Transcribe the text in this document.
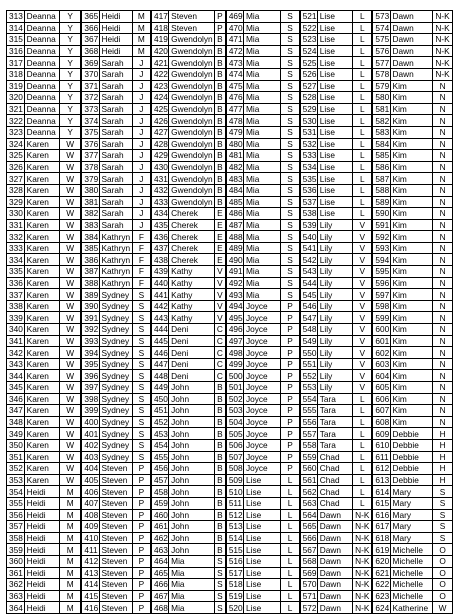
313	Deanna	Y	365	Heidi	M	417	Steven	P	469	Mia	S	521	Lise	L	573	Dawn	N-K
314	Deanna	Y	366	Heidi	M	418	Steven	P	470	Mia	S	522	Lise	L	574	Dawn	N-K
315	Deanna	Y	367	Heidi	M	419	Gwendolyn	B	471	Mia	S	523	Lise	L	575	Dawn	N-K
316	Deanna	Y	368	Heidi	M	420	Gwendolyn	B	472	Mia	S	524	Lise	L	576	Dawn	N-K
317	Deanna	Y	369	Sarah	J	421	Gwendolyn	B	473	Mia	S	525	Lise	L	577	Dawn	N-K
318	Deanna	Y	370	Sarah	J	422	Gwendolyn	B	474	Mia	S	526	Lise	L	578	Dawn	N-K
319	Deanna	Y	371	Sarah	J	423	Gwendolyn	B	475	Mia	S	527	Lise	L	579	Kim	N
320	Deanna	Y	372	Sarah	J	424	Gwendolyn	B	476	Mia	S	528	Lise	L	580	Kim	N
321	Deanna	Y	373	Sarah	J	425	Gwendolyn	B	477	Mia	S	529	Lise	L	581	Kim	N
322	Deanna	Y	374	Sarah	J	426	Gwendolyn	B	478	Mia	S	530	Lise	L	582	Kim	N
323	Deanna	Y	375	Sarah	J	427	Gwendolyn	B	479	Mia	S	531	Lise	L	583	Kim	N
324	Karen	W	376	Sarah	J	428	Gwendolyn	B	480	Mia	S	532	Lise	L	584	Kim	N
325	Karen	W	377	Sarah	J	429	Gwendolyn	B	481	Mia	S	533	Lise	L	585	Kim	N
326	Karen	W	378	Sarah	J	430	Gwendolyn	B	482	Mia	S	534	Lise	L	586	Kim	N
327	Karen	W	379	Sarah	J	431	Gwendolyn	B	483	Mia	S	535	Lise	L	587	Kim	N
328	Karen	W	380	Sarah	J	432	Gwendolyn	B	484	Mia	S	536	Lise	L	588	Kim	N
329	Karen	W	381	Sarah	J	433	Gwendolyn	B	485	Mia	S	537	Lise	L	589	Kim	N
330	Karen	W	382	Sarah	J	434	Cherek	E	486	Mia	S	538	Lise	L	590	Kim	N
331	Karen	W	383	Sarah	J	435	Cherek	E	487	Mia	S	539	Lily	V	591	Kim	N
332	Karen	W	384	Kathryn	F	436	Cherek	E	488	Mia	S	540	Lily	V	592	Kim	N
333	Karen	W	385	Kathryn	F	437	Cherek	E	489	Mia	S	541	Lily	V	593	Kim	N
334	Karen	W	386	Kathryn	F	438	Cherek	E	490	Mia	S	542	Lily	V	594	Kim	N
335	Karen	W	387	Kathryn	F	439	Kathy	V	491	Mia	S	543	Lily	V	595	Kim	N
336	Karen	W	388	Kathryn	F	440	Kathy	V	492	Mia	S	544	Lily	V	596	Kim	N
337	Karen	W	389	Sydney	S	441	Kathy	V	493	Mia	S	545	Lily	V	597	Kim	N
338	Karen	W	390	Sydney	S	442	Kathy	V	494	Joyce	P	546	Lily	V	598	Kim	N
339	Karen	W	391	Sydney	S	443	Kathy	V	495	Joyce	P	547	Lily	V	599	Kim	N
340	Karen	W	392	Sydney	S	444	Deni	C	496	Joyce	P	548	Lily	V	600	Kim	N
341	Karen	W	393	Sydney	S	445	Deni	C	497	Joyce	P	549	Lily	V	601	Kim	N
342	Karen	W	394	Sydney	S	446	Deni	C	498	Joyce	P	550	Lily	V	602	Kim	N
343	Karen	W	395	Sydney	S	447	Deni	C	499	Joyce	P	551	Lily	V	603	Kim	N
344	Karen	W	396	Sydney	S	448	Deni	C	500	Joyce	P	552	Lily	V	604	Kim	N
345	Karen	W	397	Sydney	S	449	John	B	501	Joyce	P	553	Lily	V	605	Kim	N
346	Karen	W	398	Sydney	S	450	John	B	502	Joyce	P	554	Tara	L	606	Kim	N
347	Karen	W	399	Sydney	S	451	John	B	503	Joyce	P	555	Tara	L	607	Kim	N
348	Karen	W	400	Sydney	S	452	John	B	504	Joyce	P	556	Tara	L	608	Kim	N
349	Karen	W	401	Sydney	S	453	John	B	505	Joyce	P	557	Tara	L	609	Debbie	H
350	Karen	W	402	Sydney	S	454	John	B	506	Joyce	P	558	Tara	L	610	Debbie	H
351	Karen	W	403	Sydney	S	455	John	B	507	Joyce	P	559	Chad	L	611	Debbie	H
352	Karen	W	404	Steven	P	456	John	B	508	Joyce	P	560	Chad	L	612	Debbie	H
353	Karen	W	405	Steven	P	457	John	B	509	Lise	L	561	Chad	L	613	Debbie	H
354	Heidi	M	406	Steven	P	458	John	B	510	Lise	L	562	Chad	L	614	Mary	S
355	Heidi	M	407	Steven	P	459	John	B	511	Lise	L	563	Chad	L	615	Mary	S
356	Heidi	M	408	Steven	P	460	John	B	512	Lise	L	564	Dawn	N-K	616	Mary	S
357	Heidi	M	409	Steven	P	461	John	B	513	Lise	L	565	Dawn	N-K	617	Mary	S
358	Heidi	M	410	Steven	P	462	John	B	514	Lise	L	566	Dawn	N-K	618	Mary	S
359	Heidi	M	411	Steven	P	463	John	B	515	Lise	L	567	Dawn	N-K	619	Michelle	O
360	Heidi	M	412	Steven	P	464	Mia	S	516	Lise	L	568	Dawn	N-K	620	Michelle	O
361	Heidi	M	413	Steven	P	465	Mia	S	517	Lise	L	569	Dawn	N-K	621	Michelle	O
362	Heidi	M	414	Steven	P	466	Mia	S	518	Lise	L	570	Dawn	N-K	622	Michelle	O
363	Heidi	M	415	Steven	P	467	Mia	S	519	Lise	L	571	Dawn	N-K	623	Michelle	O
364	Heidi	M	416	Steven	P	468	Mia	S	520	Lise	L	572	Dawn	N-K	624	Katherine	W
